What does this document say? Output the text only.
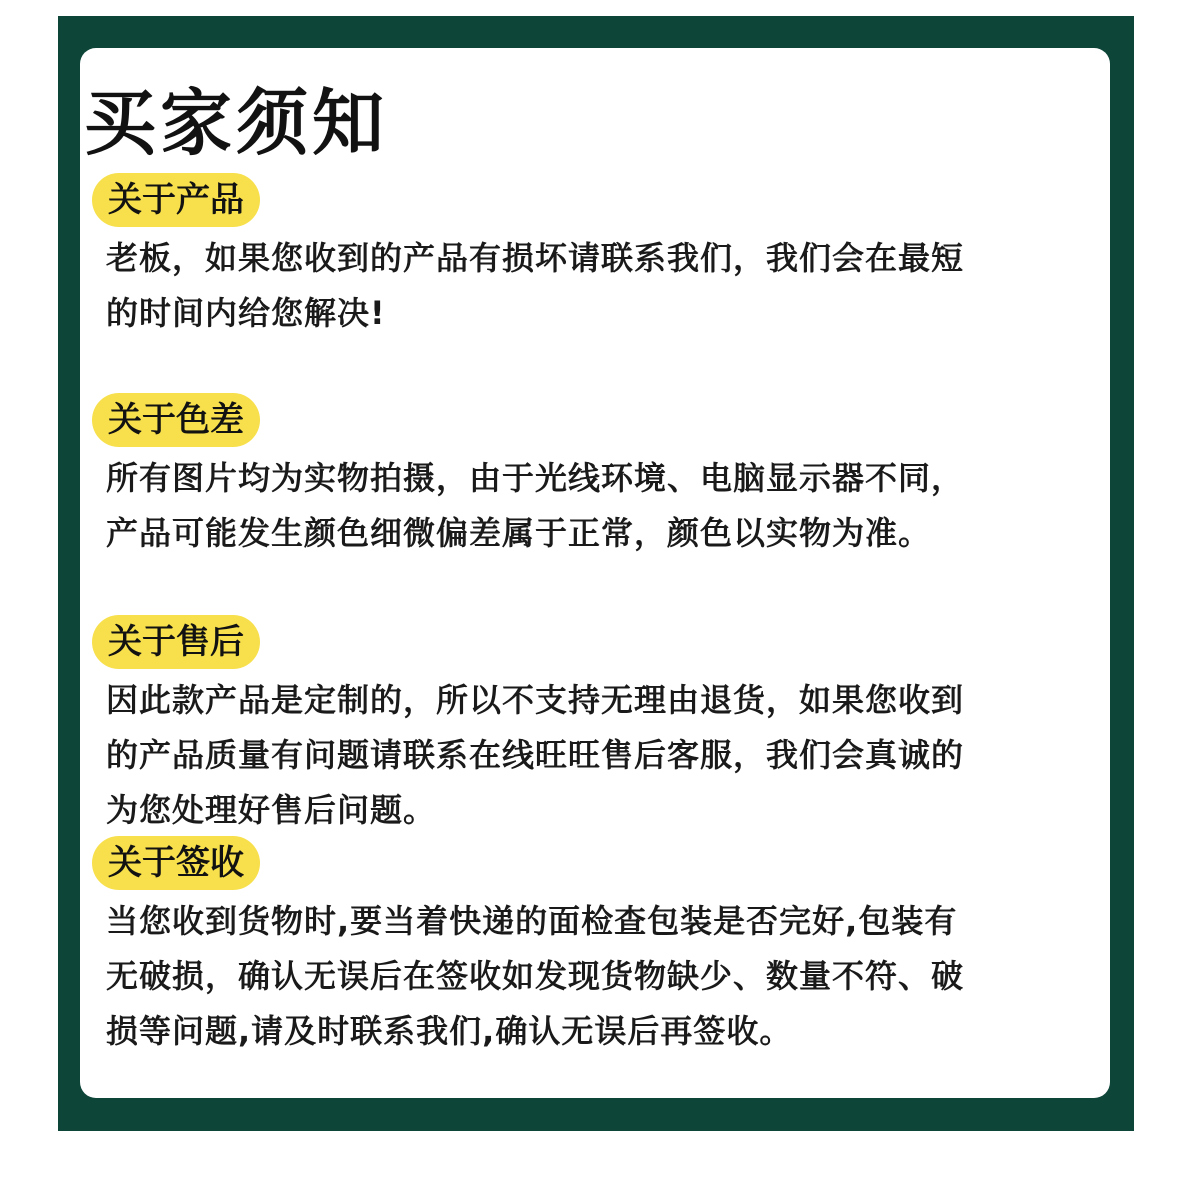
买家须知
关于产品
老板，如果您收到的产品有损坏请联系我们，我们会在最短
的时间内给您解决!
关于色差
所有图片均为实物拍摄，由于光线环境、电脑显示器不同，
产品可能发生颜色细微偏差属于正常，颜色以实物为准。
关于售后
因此款产品是定制的，所以不支持无理由退货，如果您收到
的产品质量有问题请联系在线旺旺售后客服，我们会真诚的
为您处理好售后问题。
关于签收
当您收到货物时,要当着快递的面检查包装是否完好,包装有
无破损，确认无误后在签收如发现货物缺少、数量不符、破
损等问题,请及时联系我们,确认无误后再签收。
